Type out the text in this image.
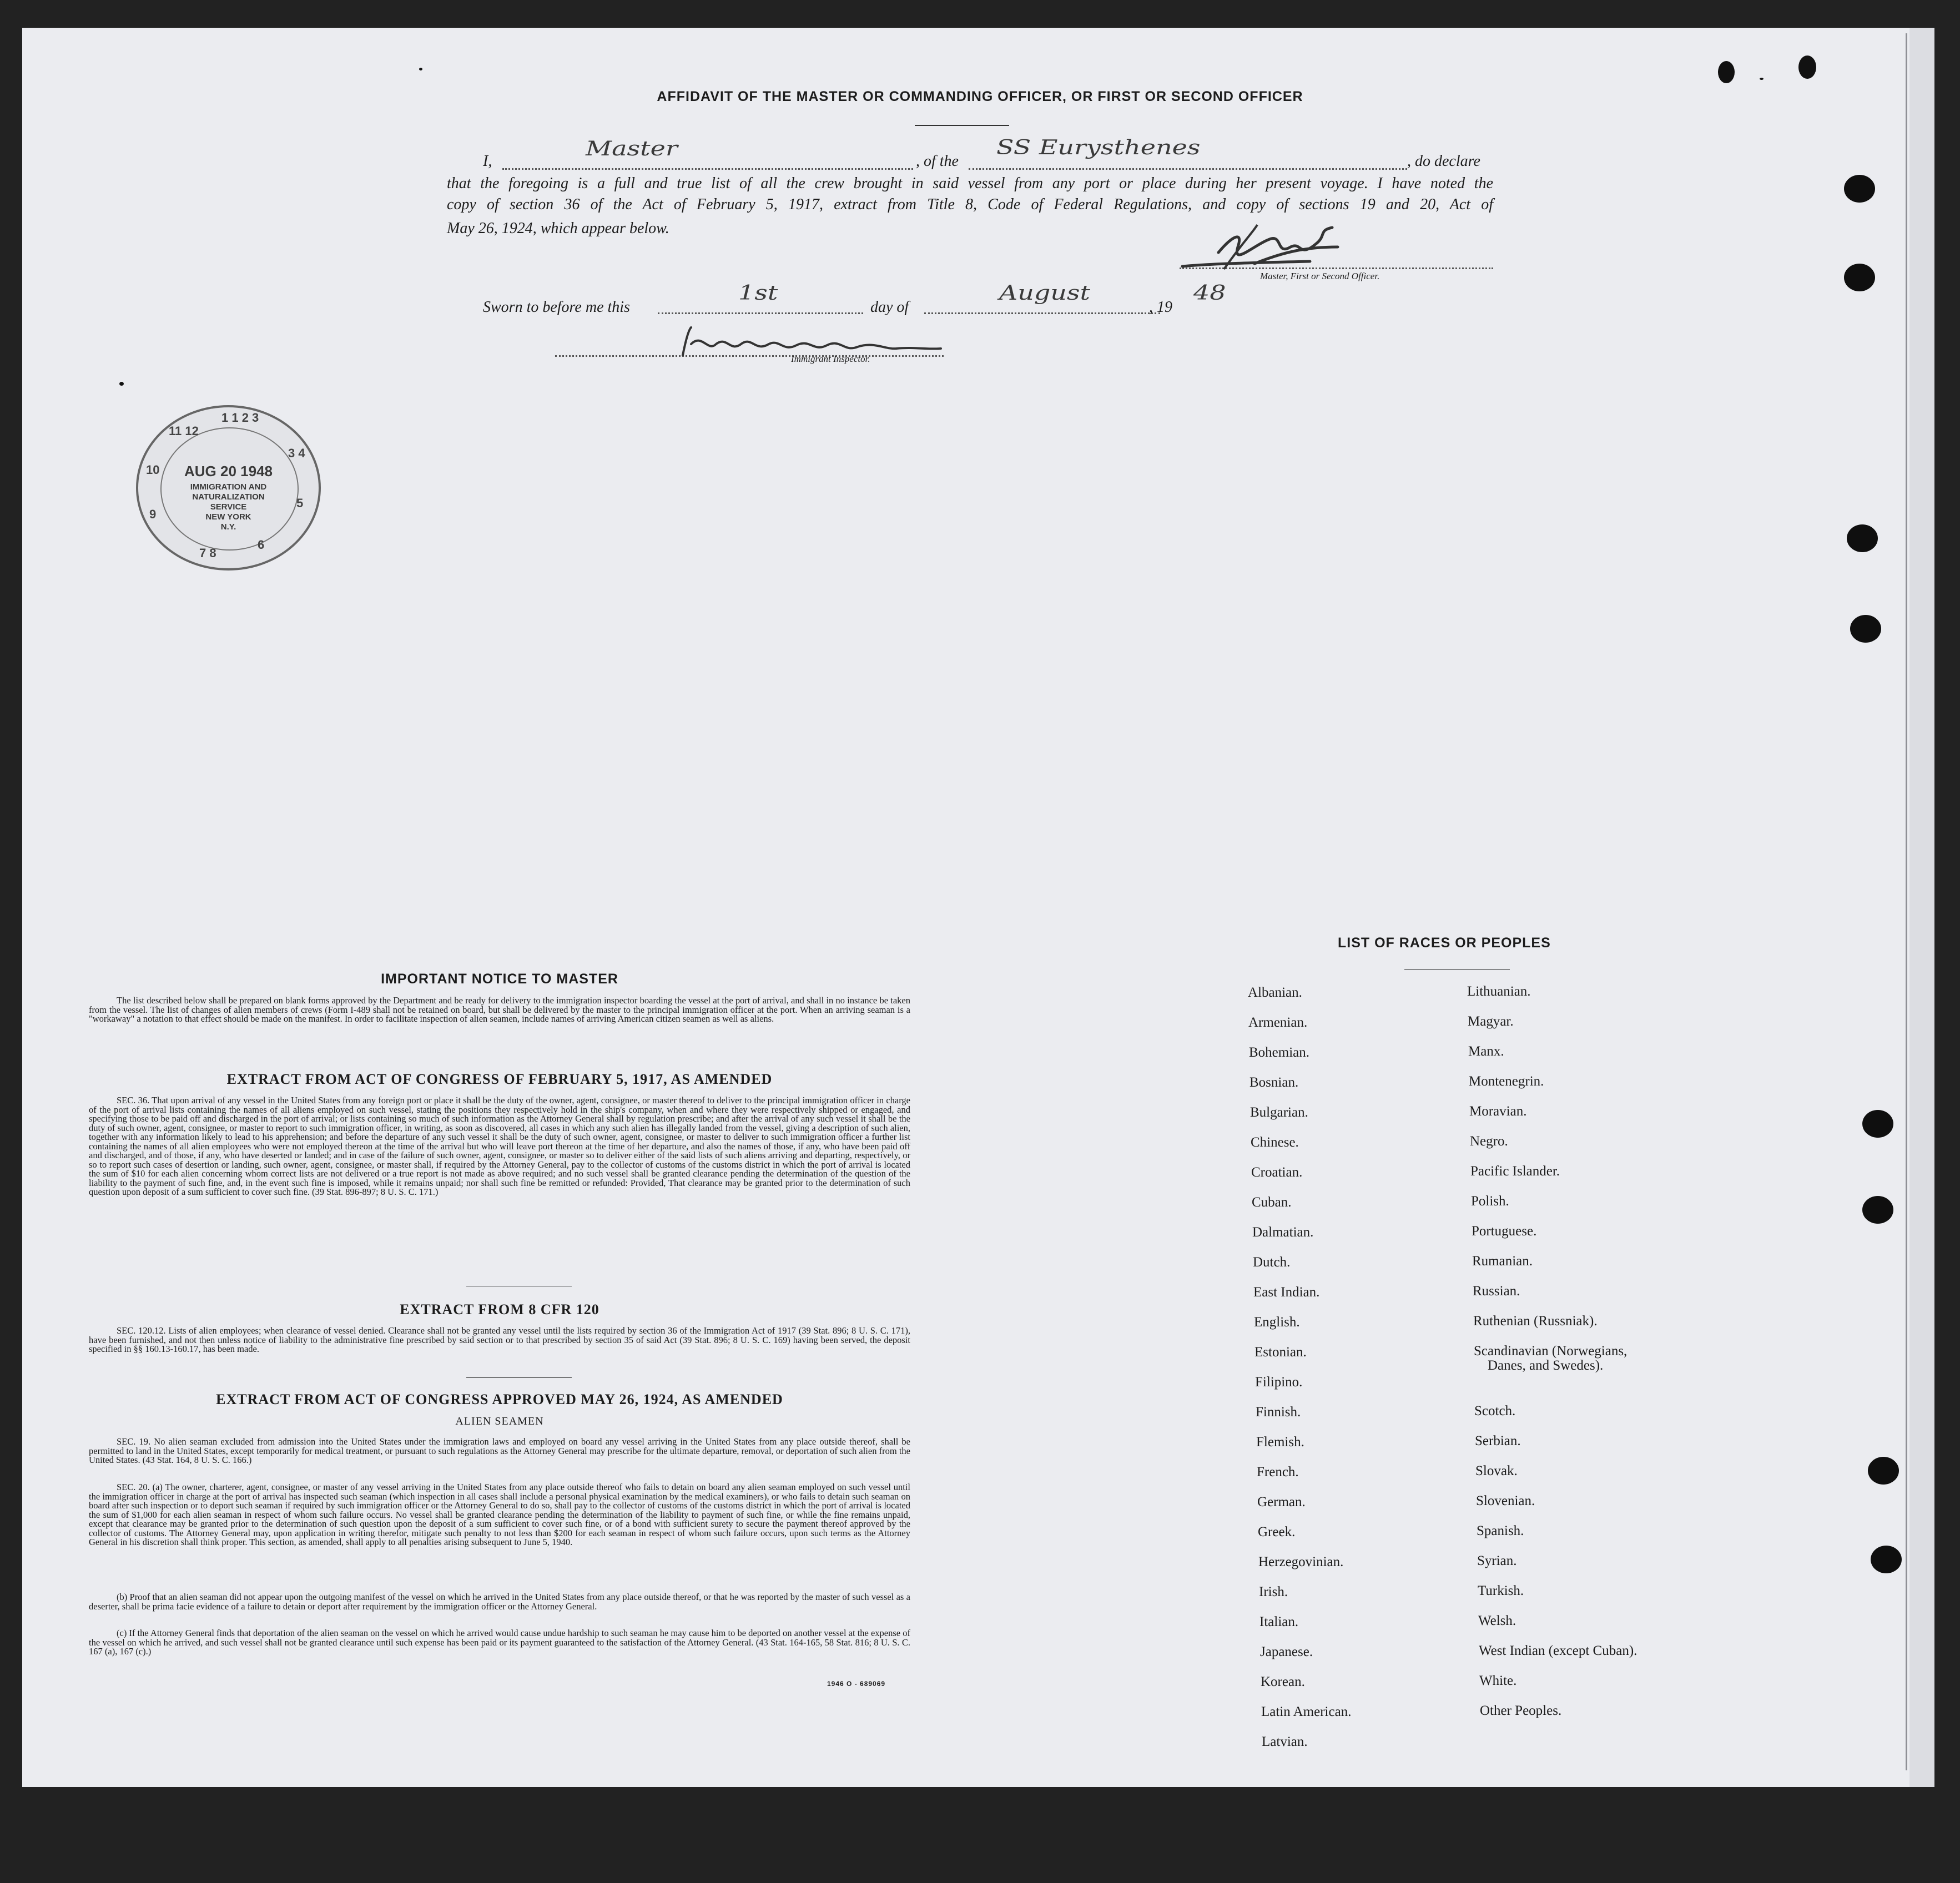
AFFIDAVIT OF THE MASTER OR COMMANDING OFFICER, OR FIRST OR SECOND OFFICER
I,
Master
, of the
SS Eurysthenes
, do declare
that the foregoing is a full and true list of all the crew brought in said vessel from any port or place during her present voyage. I have noted the
copy of section 36 of the Act of February 5, 1917, extract from Title 8, Code of Federal Regulations, and copy of sections 19 and 20, Act of
May 26, 1924, which appear below.
Master, First or Second Officer.
Sworn to before me this
1st
day of
August
, 19
48
Immigrant Inspector.
1 1 2 3
3 4
5
6
7 8
9
10
11 12
AUG 20 1948
IMMIGRATION AND
NATURALIZATION
SERVICE
NEW YORK
N.Y.
IMPORTANT NOTICE TO MASTER
The list described below shall be prepared on blank forms approved by the Department and be ready for delivery to the immigration inspector boarding the vessel at the port of arrival, and shall in no instance be taken from the vessel. The list of changes of alien members of crews (Form I-489 shall not be retained on board, but shall be delivered by the master to the principal immigration officer at the port. When an arriving seaman is a "workaway" a notation to that effect should be made on the manifest. In order to facilitate inspection of alien seamen, include names of arriving American citizen seamen as well as aliens.
EXTRACT FROM ACT OF CONGRESS OF FEBRUARY 5, 1917, AS AMENDED
SEC. 36. That upon arrival of any vessel in the United States from any foreign port or place it shall be the duty of the owner, agent, consignee, or master thereof to deliver to the principal immigration officer in charge of the port of arrival lists containing the names of all aliens employed on such vessel, stating the positions they respectively hold in the ship's company, when and where they were respectively shipped or engaged, and specifying those to be paid off and discharged in the port of arrival; or lists containing so much of such information as the Attorney General shall by regulation prescribe; and after the arrival of any such vessel it shall be the duty of such owner, agent, consignee, or master to report to such immigration officer, in writing, as soon as discovered, all cases in which any such alien has illegally landed from the vessel, giving a description of such alien, together with any information likely to lead to his apprehension; and before the departure of any such vessel it shall be the duty of such owner, agent, consignee, or master to deliver to such immigration officer a further list containing the names of all alien employees who were not employed thereon at the time of the arrival but who will leave port thereon at the time of her departure, and also the names of those, if any, who have been paid off and discharged, and of those, if any, who have deserted or landed; and in case of the failure of such owner, agent, consignee, or master so to deliver either of the said lists of such aliens arriving and departing, respectively, or so to report such cases of desertion or landing, such owner, agent, consignee, or master shall, if required by the Attorney General, pay to the collector of customs of the customs district in which the port of arrival is located the sum of $10 for each alien concerning whom correct lists are not delivered or a true report is not made as above required; and no such vessel shall be granted clearance pending the determination of the question of the liability to the payment of such fine, and, in the event such fine is imposed, while it remains unpaid; nor shall such fine be remitted or refunded: Provided, That clearance may be granted prior to the determination of such question upon deposit of a sum sufficient to cover such fine. (39 Stat. 896-897; 8 U. S. C. 171.)
EXTRACT FROM 8 CFR 120
SEC. 120.12. Lists of alien employees; when clearance of vessel denied. Clearance shall not be granted any vessel until the lists required by section 36 of the Immigration Act of 1917 (39 Stat. 896; 8 U. S. C. 171), have been furnished, and not then unless notice of liability to the administrative fine prescribed by said section or to that prescribed by section 35 of said Act (39 Stat. 896; 8 U. S. C. 169) having been served, the deposit specified in §§ 160.13-160.17, has been made.
EXTRACT FROM ACT OF CONGRESS APPROVED MAY 26, 1924, AS AMENDED
ALIEN SEAMEN
SEC. 19. No alien seaman excluded from admission into the United States under the immigration laws and employed on board any vessel arriving in the United States from any place outside thereof, shall be permitted to land in the United States, except temporarily for medical treatment, or pursuant to such regulations as the Attorney General may prescribe for the ultimate departure, removal, or deportation of such alien from the United States. (43 Stat. 164, 8 U. S. C. 166.)
SEC. 20. (a) The owner, charterer, agent, consignee, or master of any vessel arriving in the United States from any place outside thereof who fails to detain on board any alien seaman employed on such vessel until the immigration officer in charge at the port of arrival has inspected such seaman (which inspection in all cases shall include a personal physical examination by the medical examiners), or who fails to detain such seaman on board after such inspection or to deport such seaman if required by such immigration officer or the Attorney General to do so, shall pay to the collector of customs of the customs district in which the port of arrival is located the sum of $1,000 for each alien seaman in respect of whom such failure occurs. No vessel shall be granted clearance pending the determination of the liability to payment of such fine, or while the fine remains unpaid, except that clearance may be granted prior to the determination of such question upon the deposit of a sum sufficient to cover such fine, or of a bond with sufficient surety to secure the payment thereof approved by the collector of customs. The Attorney General may, upon application in writing therefor, mitigate such penalty to not less than $200 for each seaman in respect of whom such failure occurs, upon such terms as the Attorney General in his discretion shall think proper. This section, as amended, shall apply to all penalties arising subsequent to June 5, 1940.
(b) Proof that an alien seaman did not appear upon the outgoing manifest of the vessel on which he arrived in the United States from any place outside thereof, or that he was reported by the master of such vessel as a deserter, shall be prima facie evidence of a failure to detain or deport after requirement by the immigration officer or the Attorney General.
(c) If the Attorney General finds that deportation of the alien seaman on the vessel on which he arrived would cause undue hardship to such seaman he may cause him to be deported on another vessel at the expense of the vessel on which he arrived, and such vessel shall not be granted clearance until such expense has been paid or its payment guaranteed to the satisfaction of the Attorney General. (43 Stat. 164-165, 58 Stat. 816; 8 U. S. C. 167 (a), 167 (c).)
1946 O - 689069
LIST OF RACES OR PEOPLES
Albanian.
Armenian.
Bohemian.
Bosnian.
Bulgarian.
Chinese.
Croatian.
Cuban.
Dalmatian.
Dutch.
East Indian.
English.
Estonian.
Filipino.
Finnish.
Flemish.
French.
German.
Greek.
Herzegovinian.
Irish.
Italian.
Japanese.
Korean.
Latin American.
Latvian.
Lithuanian.
Magyar.
Manx.
Montenegrin.
Moravian.
Negro.
Pacific Islander.
Polish.
Portuguese.
Rumanian.
Russian.
Ruthenian (Russniak).
Scandinavian (Norwegians,
Danes, and Swedes).
Scotch.
Serbian.
Slovak.
Slovenian.
Spanish.
Syrian.
Turkish.
Welsh.
West Indian (except Cuban).
White.
Other Peoples.
